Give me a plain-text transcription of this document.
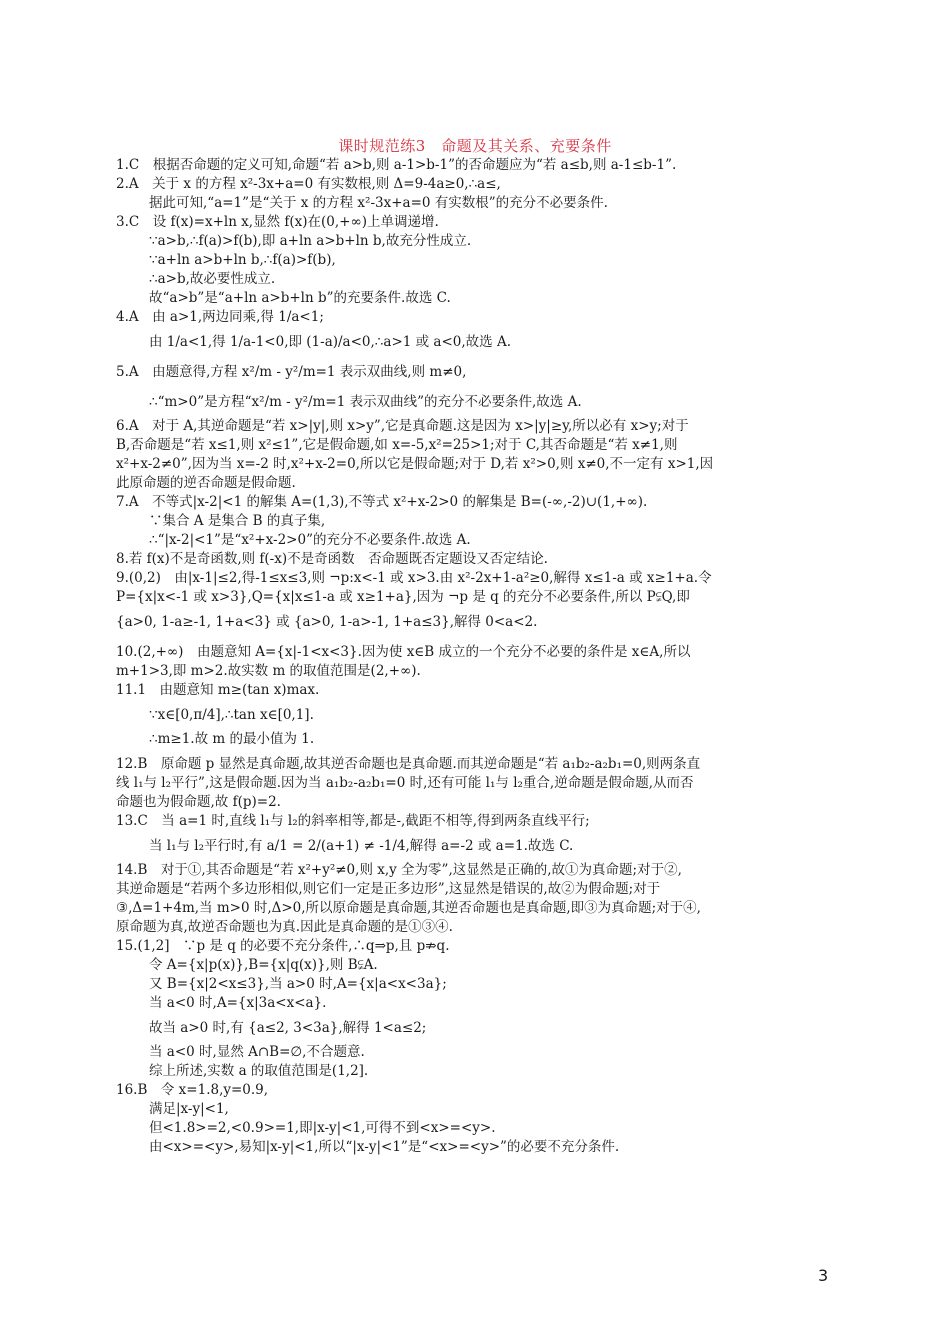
课时规范练3　命题及其关系、充要条件
1.C　根据否命题的定义可知,命题“若 a>b,则 a-1>b-1”的否命题应为“若 a≤b,则 a-1≤b-1”.
2.A　关于 x 的方程 x²-3x+a=0 有实数根,则 Δ=9-4a≥0,∴a≤,
据此可知,“a=1”是“关于 x 的方程 x²-3x+a=0 有实数根”的充分不必要条件.
3.C　设 f(x)=x+ln x,显然 f(x)在(0,+∞)上单调递增.
∵a>b,∴f(a)>f(b),即 a+ln a>b+ln b,故充分性成立.
∵a+ln a>b+ln b,∴f(a)>f(b),
∴a>b,故必要性成立.
故“a>b”是“a+ln a>b+ln b”的充要条件.故选 C.
4.A　由 a>1,两边同乘,得 1/a<1;
由 1/a<1,得 1/a-1<0,即 (1-a)/a<0,∴a>1 或 a<0,故选 A.
5.A　由题意得,方程 x²/m - y²/m=1 表示双曲线,则 m≠0,
∴“m>0”是方程“x²/m - y²/m=1 表示双曲线”的充分不必要条件,故选 A.
6.A　对于 A,其逆命题是“若 x>|y|,则 x>y”,它是真命题.这是因为 x>|y|≥y,所以必有 x>y;对于
B,否命题是“若 x≤1,则 x²≤1”,它是假命题,如 x=-5,x²=25>1;对于 C,其否命题是“若 x≠1,则
x²+x-2≠0”,因为当 x=-2 时,x²+x-2=0,所以它是假命题;对于 D,若 x²>0,则 x≠0,不一定有 x>1,因
此原命题的逆否命题是假命题.
7.A　不等式|x-2|<1 的解集 A=(1,3),不等式 x²+x-2>0 的解集是 B=(-∞,-2)∪(1,+∞).
∵集合 A 是集合 B 的真子集,
∴“|x-2|<1”是“x²+x-2>0”的充分不必要条件.故选 A.
8.若 f(x)不是奇函数,则 f(-x)不是奇函数　否命题既否定题设又否定结论.
9.(0,2)　由|x-1|≤2,得-1≤x≤3,则 ¬p:x<-1 或 x>3.由 x²-2x+1-a²≥0,解得 x≤1-a 或 x≥1+a.令
P={x|x<-1 或 x>3},Q={x|x≤1-a 或 x≥1+a},因为 ¬p 是 q 的充分不必要条件,所以 P⫋Q,即
{a>0, 1-a≥-1, 1+a<3} 或 {a>0, 1-a>-1, 1+a≤3},解得 0<a<2.
10.(2,+∞)　由题意知 A={x|-1<x<3}.因为使 x∈B 成立的一个充分不必要的条件是 x∈A,所以
m+1>3,即 m>2.故实数 m 的取值范围是(2,+∞).
11.1　由题意知 m≥(tan x)max.
∵x∈[0,π/4],∴tan x∈[0,1].
∴m≥1.故 m 的最小值为 1.
12.B　原命题 p 显然是真命题,故其逆否命题也是真命题.而其逆命题是“若 a₁b₂-a₂b₁=0,则两条直
线 l₁与 l₂平行”,这是假命题.因为当 a₁b₂-a₂b₁=0 时,还有可能 l₁与 l₂重合,逆命题是假命题,从而否
命题也为假命题,故 f(p)=2.
13.C　当 a=1 时,直线 l₁与 l₂的斜率相等,都是-,截距不相等,得到两条直线平行;
当 l₁与 l₂平行时,有 a/1 = 2/(a+1) ≠ -1/4,解得 a=-2 或 a=1.故选 C.
14.B　对于①,其否命题是“若 x²+y²≠0,则 x,y 全为零”,这显然是正确的,故①为真命题;对于②,
其逆命题是“若两个多边形相似,则它们一定是正多边形”,这显然是错误的,故②为假命题;对于
③,Δ=1+4m,当 m>0 时,Δ>0,所以原命题是真命题,其逆否命题也是真命题,即③为真命题;对于④,
原命题为真,故逆否命题也为真.因此是真命题的是①③④.
15.(1,2]　∵p 是 q 的必要不充分条件,∴q⇒p,且 p⇏q.
令 A={x|p(x)},B={x|q(x)},则 B⫋A.
又 B={x|2<x≤3},当 a>0 时,A={x|a<x<3a};
当 a<0 时,A={x|3a<x<a}.
故当 a>0 时,有 {a≤2, 3<3a},解得 1<a≤2;
当 a<0 时,显然 A∩B=∅,不合题意.
综上所述,实数 a 的取值范围是(1,2].
16.B　令 x=1.8,y=0.9,
满足|x-y|<1,
但<1.8>=2,<0.9>=1,即|x-y|<1,可得不到<x>=<y>.
由<x>=<y>,易知|x-y|<1,所以“|x-y|<1”是“<x>=<y>”的必要不充分条件.
3
